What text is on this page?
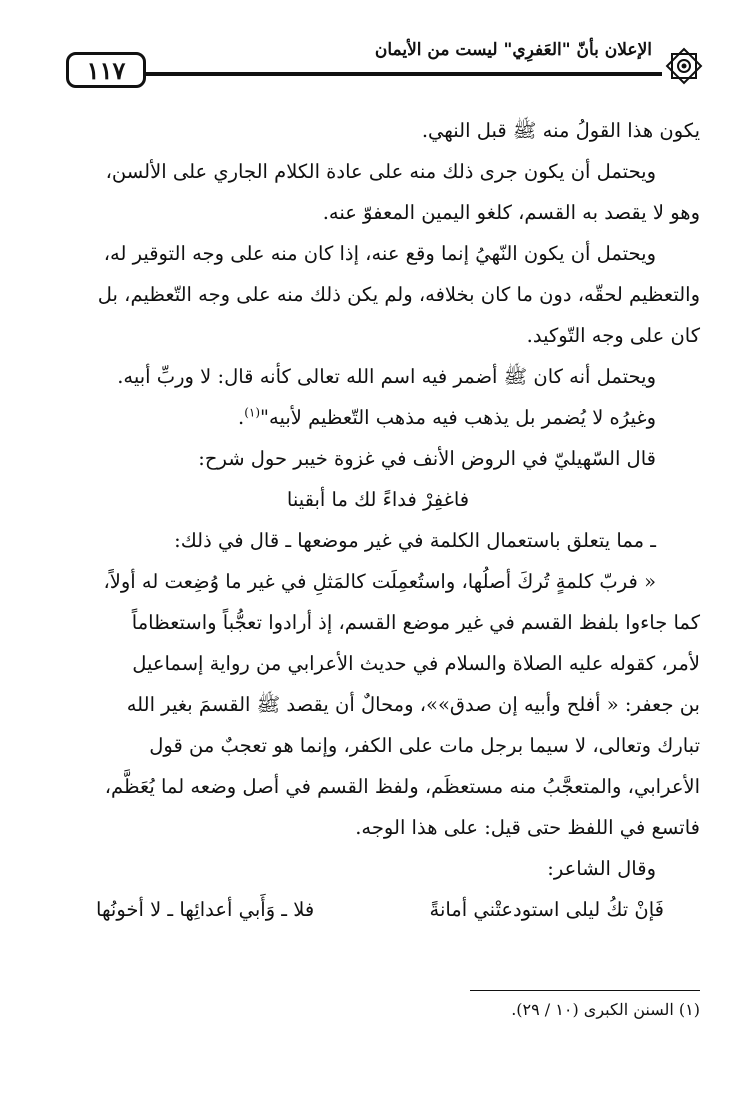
١١٧
الإعلان بأنّ "العَفرِي" ليست من الأيمان

يكون هذا القولُ منه ﷺ قبل النهي.

ويحتمل أن يكون جرى ذلك منه على عادة الكلام الجاري على الألسن،

وهو لا يقصد به القسم، كلغو اليمين المعفوّ عنه.

ويحتمل أن يكون النّهيُ إنما وقع عنه، إذا كان منه على وجه التوقير له،

والتعظيم لحقّه، دون ما كان بخلافه، ولم يكن ذلك منه على وجه التّعظيم، بل

كان على وجه التّوكيد.

ويحتمل أنه كان ﷺ أضمر فيه اسم الله تعالى كأنه قال: لا وربِّ أبيه.

وغيرُه لا يُضمر بل يذهب فيه مذهب التّعظيم لأبيه"$^{(١)}$.

قال السّهيليّ في الروض الأنف في غزوة خيبر حول شرح:

فاغفِرْ فداءً لك ما أبقينا

ـ مما يتعلق باستعمال الكلمة في غير موضعها ـ قال في ذلك:

« فربّ كلمةٍ تُركَ أصلُها، واستُعمِلَت كالمَثلِ في غير ما وُضِعت له أولاً،

كما جاءوا بلفظ القسم في غير موضع القسم، إذ أرادوا تعجُّباً واستعظاماً

لأمر، كقوله عليه الصلاة والسلام في حديث الأعرابي من رواية إسماعيل

بن جعفر: « أفلح وأبيه إن صدق»»، ومحالٌ أن يقصد ﷺ القسمَ بغير الله

تبارك وتعالى، لا سيما برجل مات على الكفر، وإنما هو تعجبٌ من قول

الأعرابي، والمتعجَّبُ منه مستعظَم، ولفظ القسم في أصل وضعه لما يُعَظَّم،

فاتسع في اللفظ حتى قيل: على هذا الوجه.

وقال الشاعر:

فَإنْ تكُ ليلى استودعتْني أمانةً
فلا ـ وَأَبي أعدائِها ـ لا أخونُها
(١) السنن الكبرى (١٠ / ٢٩).
